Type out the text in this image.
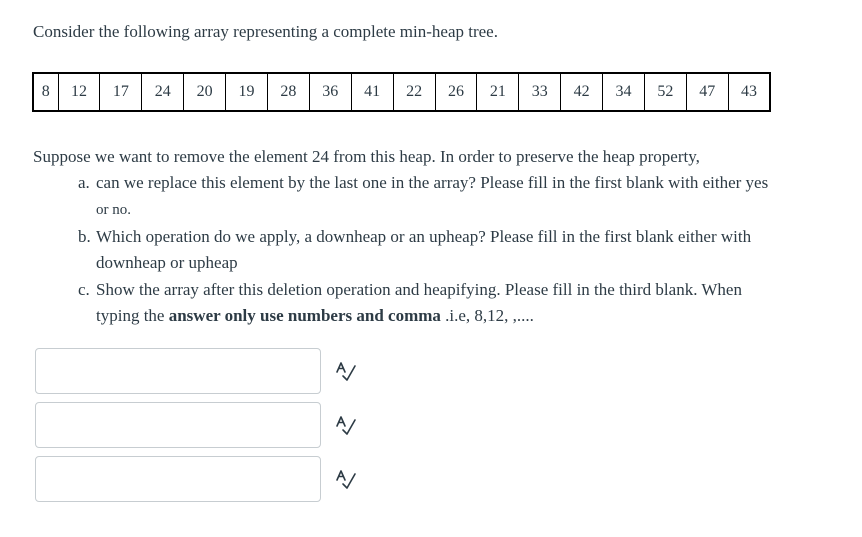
Consider the following array representing a complete min-heap tree.
8	12	17	24	20	19	28	36	41	22	26	21	33	42	34	52	47	43
Suppose we want to remove the element 24 from this heap. In order to preserve the heap property,
a. can we replace this element by the last one in the array? Please fill in the first blank with either yes
or no.
b. Which operation do we apply, a downheap or an upheap? Please fill in the first blank either with
downheap or upheap
c. Show the array after this deletion operation and heapifying. Please fill in the third blank. When
typing the answer only use numbers and comma .i.e, 8,12, ,....
